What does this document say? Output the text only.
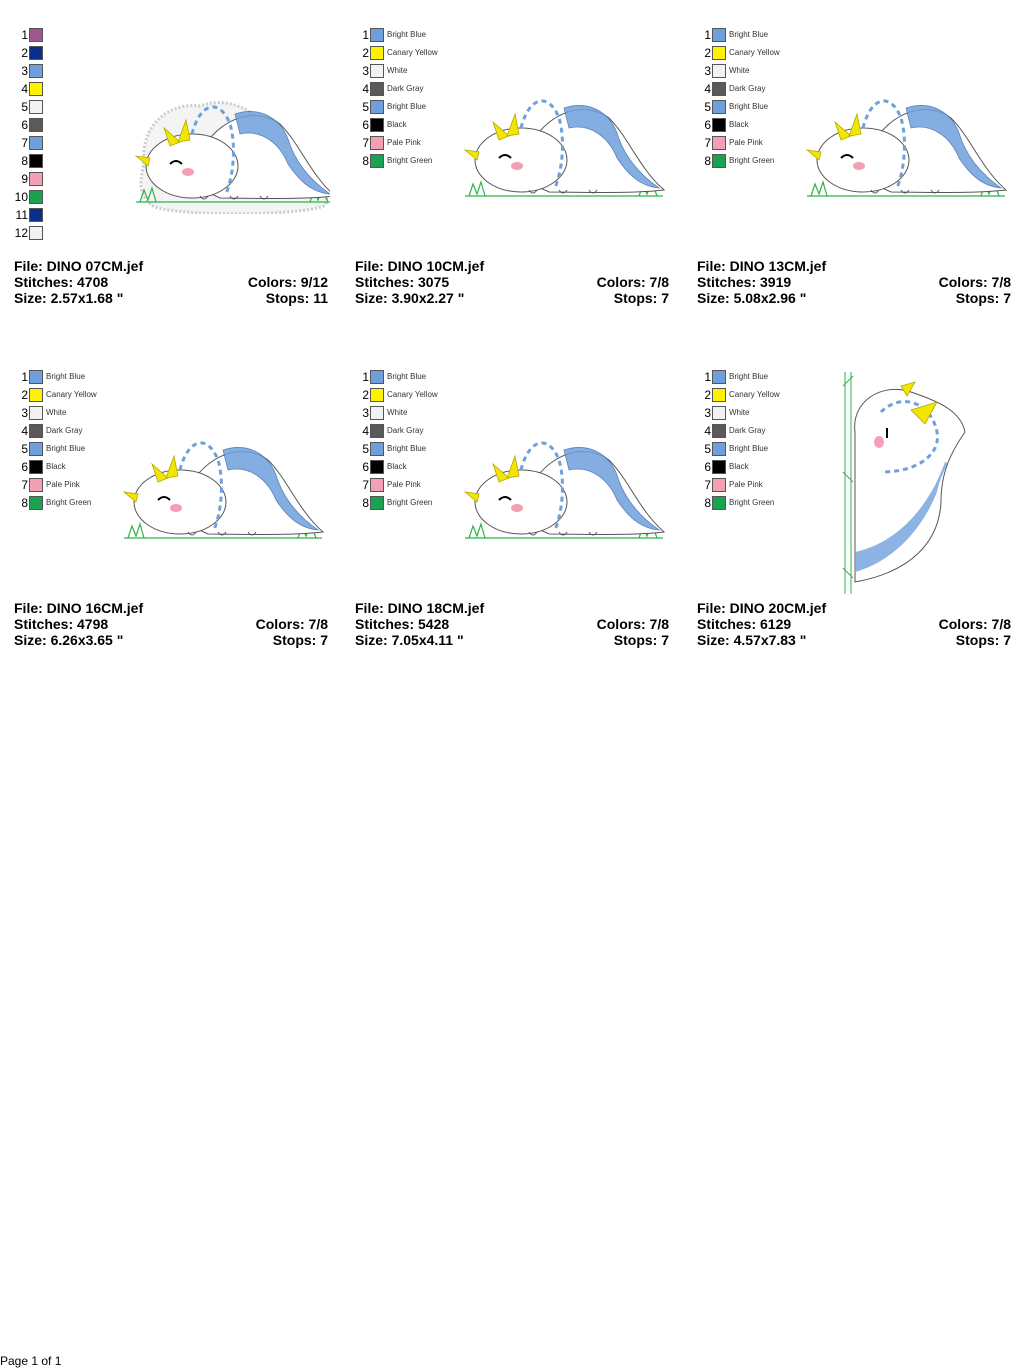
1
2
3
4
5
6
7
8
9
10
11
12
File: DINO 07CM.jef
Stitches: 4708	Colors: 9/12
Size: 2.57x1.68 "	Stops: 11
1 Bright Blue
2 Canary Yellow
3 White
4 Dark Gray
5 Bright Blue
6 Black
7 Pale Pink
8 Bright Green
File: DINO 10CM.jef
Stitches: 3075	Colors: 7/8
Size: 3.90x2.27 "	Stops: 7
1 Bright Blue
2 Canary Yellow
3 White
4 Dark Gray
5 Bright Blue
6 Black
7 Pale Pink
8 Bright Green
File: DINO 13CM.jef
Stitches: 3919	Colors: 7/8
Size: 5.08x2.96 "	Stops: 7
1 Bright Blue
2 Canary Yellow
3 White
4 Dark Gray
5 Bright Blue
6 Black
7 Pale Pink
8 Bright Green
File: DINO 16CM.jef
Stitches: 4798	Colors: 7/8
Size: 6.26x3.65 "	Stops: 7
1 Bright Blue
2 Canary Yellow
3 White
4 Dark Gray
5 Bright Blue
6 Black
7 Pale Pink
8 Bright Green
File: DINO 18CM.jef
Stitches: 5428	Colors: 7/8
Size: 7.05x4.11 "	Stops: 7
1 Bright Blue
2 Canary Yellow
3 White
4 Dark Gray
5 Bright Blue
6 Black
7 Pale Pink
8 Bright Green
File: DINO 20CM.jef
Stitches: 6129	Colors: 7/8
Size: 4.57x7.83 "	Stops: 7
Page 1 of 1
